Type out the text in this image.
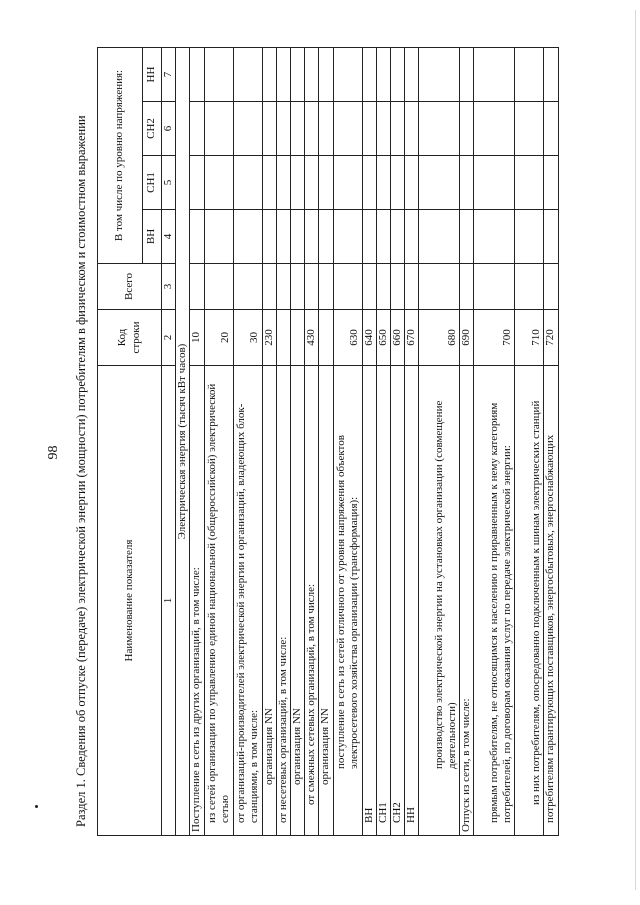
98 Раздел 1. Сведения об отпуске (передаче) электрической энергии (мощности) потребителям в физическом и стоимостном выражении	Наименование показателя	Код строки	Всего	В том числе по уровню напряжения:			
			ВН	СН1	СН2	НН
1	2	3	4	5	6	7
Электрическая энергия (тысяч кВт часов)						
Поступление в сеть из других организаций, в том числе:	10					
из сетей организации по управлению единой национальной (общероссийской) электрической сетью	20					
от организаций-производителей электрической энергии и организаций, владеющих блок-станциями, в том числе:	30					
организация NN	230					
от несетевых организаций, в том числе:						
организация NN						
от смежных сетевых организаций, в том числе:	430					
организация NN						
поступление в сеть из сетей отличного от уровня напряжения объектов электросетевого хозяйства организации (трансформация):	630					
ВН	640					
СН1	650					
СН2	660					
НН	670					
производство электрической энергии на установках организации (совмещение деятельности)	680					
Отпуск из сети, в том числе:	690					
прямым потребителям, не относящимся к населению и приравненным к нему категориям потребителей, по договорам оказания услуг по передаче электрической энергии:	700					
из них потребителям, опосредованно подключенным к шинам электрических станций	710					
потребителям гарантирующих поставщиков, энергосбытовых, энергоснабжающих	720					
